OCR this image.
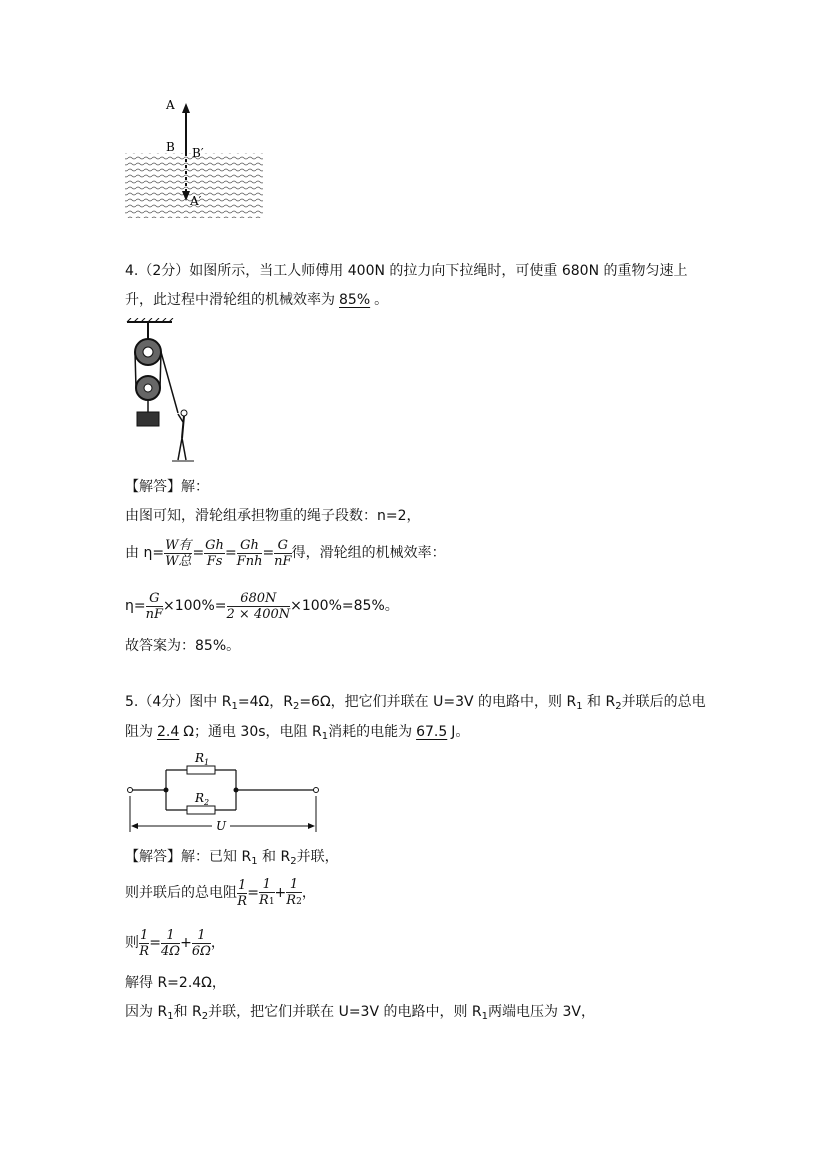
A
B B′
A′
4.（2分）如图所示，当工人师傅用 400N 的拉力向下拉绳时，可使重 680N 的重物匀速上
升，此过程中滑轮组的机械效率为 85% 。
【解答】解：
由图可知，滑轮组承担物重的绳子段数：n=2，
由 $\eta= \frac{\text{W有}}{\text{W总}} = \frac{Gh}{Fs} = \frac{Gh}{\text{Fnh}} = \frac{G}{nF}$ 得，滑轮组的机械效率：
$\eta= \frac{G}{nF} \times 100\%= \frac{680N}{2 \times 400N} \times 100\%=85\%$。
故答案为：85%。
5.（4分）图中 $R_1=4\Omega$，$R_2=6\Omega$，把它们并联在 U=3V 的电路中，则 $R_1$ 和 $R_2$并联后的总电
阻为 2.4 Ω；通电 30s，电阻 $R_1$消耗的电能为 67.5 J。
$R_1$
$R_2$
U
【解答】解：已知 $R_1$ 和 $R_2$并联，
则并联后的总电阻 $\frac{1}{R} = \frac{1}{R1} + \frac{1}{R2}$ ，
则 $\frac{1}{R} = \frac{1}{4\Omega} + \frac{1}{6\Omega}$ ，
解得 R=2.4Ω，
因为 $R_1$和 $R_2$并联，把它们并联在 U=3V 的电路中，则 $R_1$两端电压为 3V，
